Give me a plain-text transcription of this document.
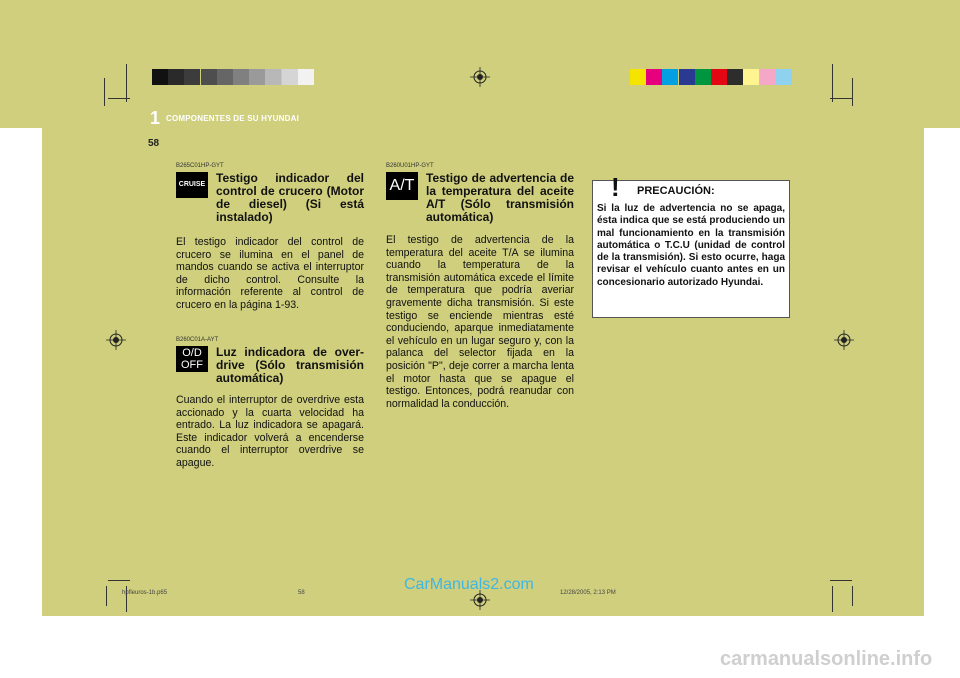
1 COMPONENTES DE SU HYUNDAI
58
B265C01HP-GYT
CRUISE Testigo indicador del control de crucero (Motor de diesel) (Si está instalado)
El testigo indicador del control de crucero se ilumina en el panel de mandos cuando se activa el interruptor de dicho control. Consulte la información referente al control de crucero en la página 1-93.
B260C01A-AYT
O/D OFF
Luz indicadora de over-drive (Sólo transmisión automática)
Cuando el interruptor de overdrive esta accionado y la cuarta velocidad ha entrado. La luz indicadora se apagará. Este indicador volverá a encenderse cuando el interruptor overdrive se apague.
B260U01HP-GYT
A/T Testigo de advertencia de la temperatura del aceite A/T (Sólo transmisión automática)
El testigo de advertencia de la temperatura del aceite T/A se ilumina cuando la temperatura de la transmisión automática excede el límite de temperatura que podría averiar gravemente dicha transmisión. Si este testigo se enciende mientras esté conduciendo, aparque inmediatamente el vehículo en un lugar seguro y, con la palanca del selector fijada en la posición "P", deje correr a marcha lenta el motor hasta que se apague el testigo. Entonces, podrá reanudar con normalidad la conducción.
! PRECAUCIÓN:
Si la luz de advertencia no se apaga, ésta indica que se está produciendo un mal funcionamiento en la transmisión automática o T.C.U (unidad de control de la transmisión). Si esto ocurre, haga revisar el vehículo cuanto antes en un concesionario autorizado Hyundai.
hpfleuros-1b.p65	58	12/28/2005, 2:13 PM
CarManuals2.com
carmanualsonline.info
